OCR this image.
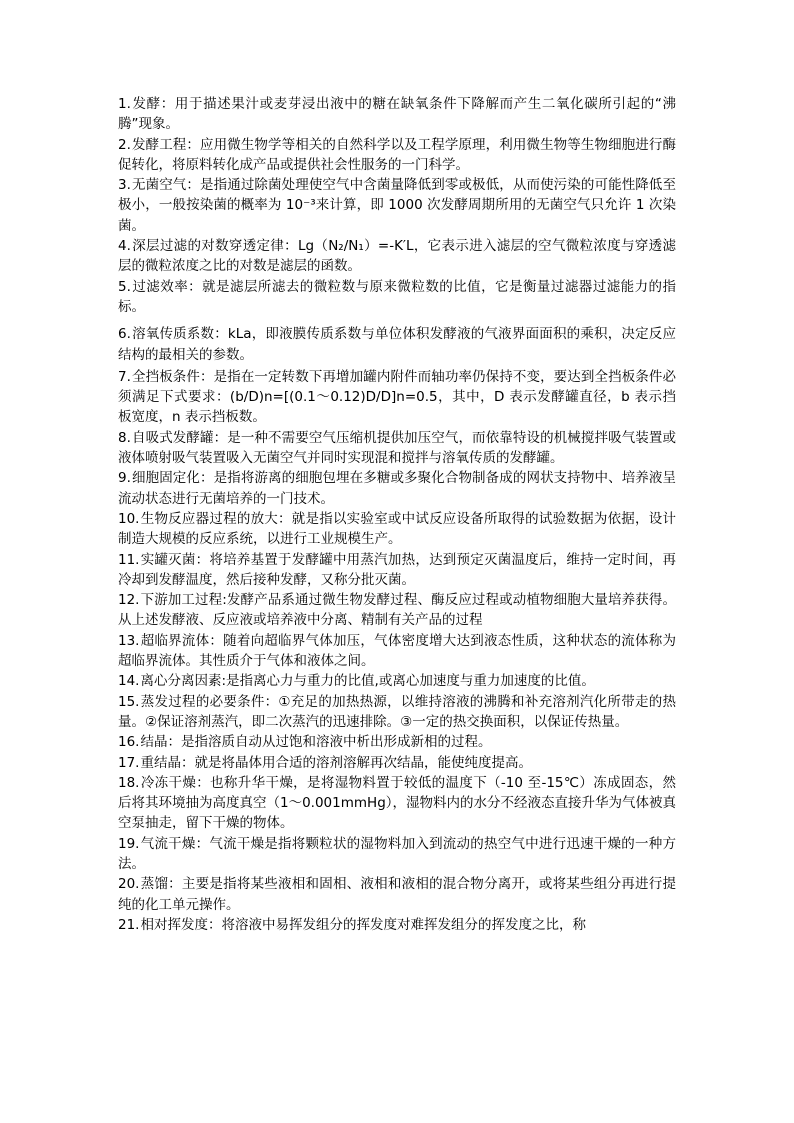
1.发酵：用于描述果汁或麦芽浸出液中的糖在缺氧条件下降解而产生二氧化碳所引起的“沸腾”现象。

2.发酵工程：应用微生物学等相关的自然科学以及工程学原理，利用微生物等生物细胞进行酶促转化，将原料转化成产品或提供社会性服务的一门科学。

3.无菌空气：是指通过除菌处理使空气中含菌量降低到零或极低，从而使污染的可能性降低至极小，一般按染菌的概率为 10⁻³来计算，即 1000 次发酵周期所用的无菌空气只允许 1 次染菌。

4.深层过滤的对数穿透定律：Lg（N₂/N₁）=-K′L，它表示进入滤层的空气微粒浓度与穿透滤层的微粒浓度之比的对数是滤层的函数。

5.过滤效率：就是滤层所滤去的微粒数与原来微粒数的比值，它是衡量过滤器过滤能力的指标。

6.溶氧传质系数：kLa，即液膜传质系数与单位体积发酵液的气液界面面积的乘积，决定反应结构的最相关的参数。

7.全挡板条件：是指在一定转数下再增加罐内附件而轴功率仍保持不变，要达到全挡板条件必须满足下式要求：(b/D)n=[(0.1～0.12)D/D]n=0.5，其中，D 表示发酵罐直径，b 表示挡板宽度，n 表示挡板数。

8.自吸式发酵罐：是一种不需要空气压缩机提供加压空气，而依靠特设的机械搅拌吸气装置或液体喷射吸气装置吸入无菌空气并同时实现混和搅拌与溶氧传质的发酵罐。

9.细胞固定化：是指将游离的细胞包埋在多糖或多聚化合物制备成的网状支持物中、培养液呈流动状态进行无菌培养的一门技术。

10.生物反应器过程的放大：就是指以实验室或中试反应设备所取得的试验数据为依据，设计制造大规模的反应系统，以进行工业规模生产。

11.实罐灭菌：将培养基置于发酵罐中用蒸汽加热，达到预定灭菌温度后，维持一定时间，再冷却到发酵温度，然后接种发酵，又称分批灭菌。

12.下游加工过程:发酵产品系通过微生物发酵过程、酶反应过程或动植物细胞大量培养获得。从上述发酵液、反应液或培养液中分离、精制有关产品的过程

13.超临界流体：随着向超临界气体加压，气体密度增大达到液态性质，这种状态的流体称为超临界流体。其性质介于气体和液体之间。

14.离心分离因素:是指离心力与重力的比值,或离心加速度与重力加速度的比值。

15.蒸发过程的必要条件：①充足的加热热源，以维持溶液的沸腾和补充溶剂汽化所带走的热量。②保证溶剂蒸汽，即二次蒸汽的迅速排除。③一定的热交换面积，以保证传热量。

16.结晶：是指溶质自动从过饱和溶液中析出形成新相的过程。

17.重结晶：就是将晶体用合适的溶剂溶解再次结晶，能使纯度提高。

18.冷冻干燥：也称升华干燥，是将湿物料置于较低的温度下（-10 至-15℃）冻成固态，然后将其环境抽为高度真空（1～0.001mmHg），湿物料内的水分不经液态直接升华为气体被真空泵抽走，留下干燥的物体。

19.气流干燥：气流干燥是指将颗粒状的湿物料加入到流动的热空气中进行迅速干燥的一种方法。

20.蒸馏：主要是指将某些液相和固相、液相和液相的混合物分离开，或将某些组分再进行提纯的化工单元操作。

21.相对挥发度：将溶液中易挥发组分的挥发度对难挥发组分的挥发度之比，称
